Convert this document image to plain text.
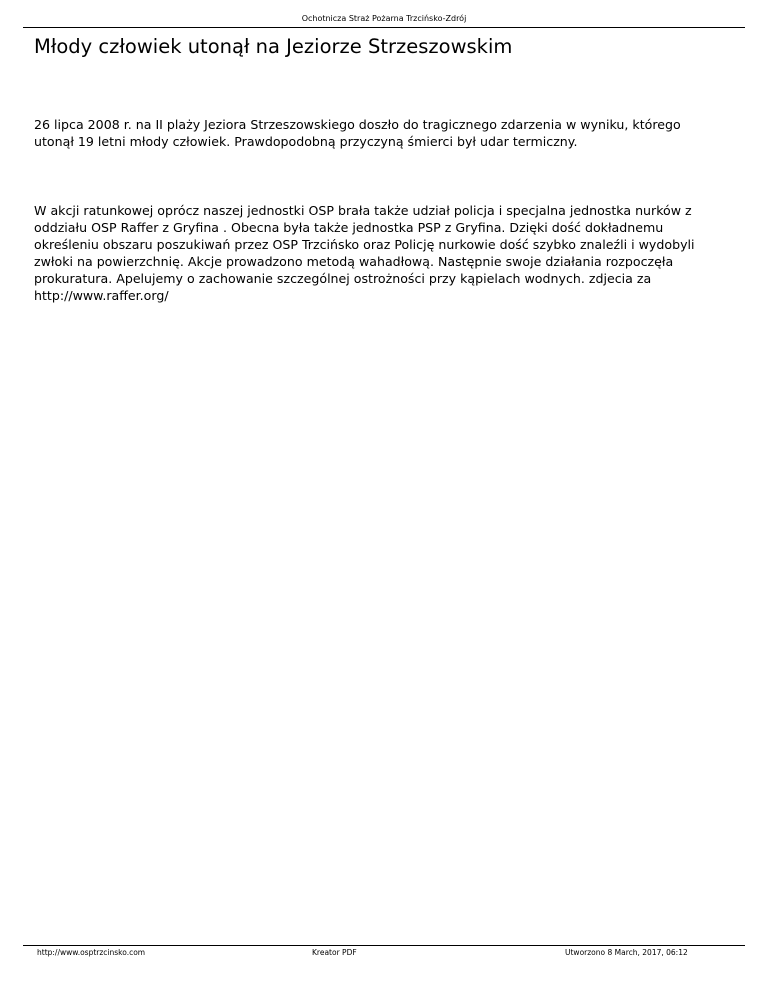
Ochotnicza Straż Pożarna Trzcińsko-Zdrój
Młody człowiek utonął na Jeziorze Strzeszowskim

26 lipca 2008 r. na II plaży Jeziora Strzeszowskiego doszło do tragicznego zdarzenia w wyniku, którego
utonął 19 letni młody człowiek. Prawdopodobną przyczyną śmierci był udar termiczny.

W akcji ratunkowej oprócz naszej jednostki OSP brała także udział policja i specjalna jednostka nurków z
oddziału OSP Raffer z Gryfina . Obecna była także jednostka PSP z Gryfina. Dzięki dość dokładnemu
określeniu obszaru poszukiwań przez OSP Trzcińsko oraz Policję nurkowie dość szybko znaleźli i wydobyli
zwłoki na powierzchnię. Akcje prowadzono metodą wahadłową. Następnie swoje działania rozpoczęła
prokuratura. Apelujemy o zachowanie szczególnej ostrożności przy kąpielach wodnych. zdjecia za
http://www.raffer.org/

http://www.osptrzcinsko.com	Kreator PDF	Utworzono 8 March, 2017, 06:12
